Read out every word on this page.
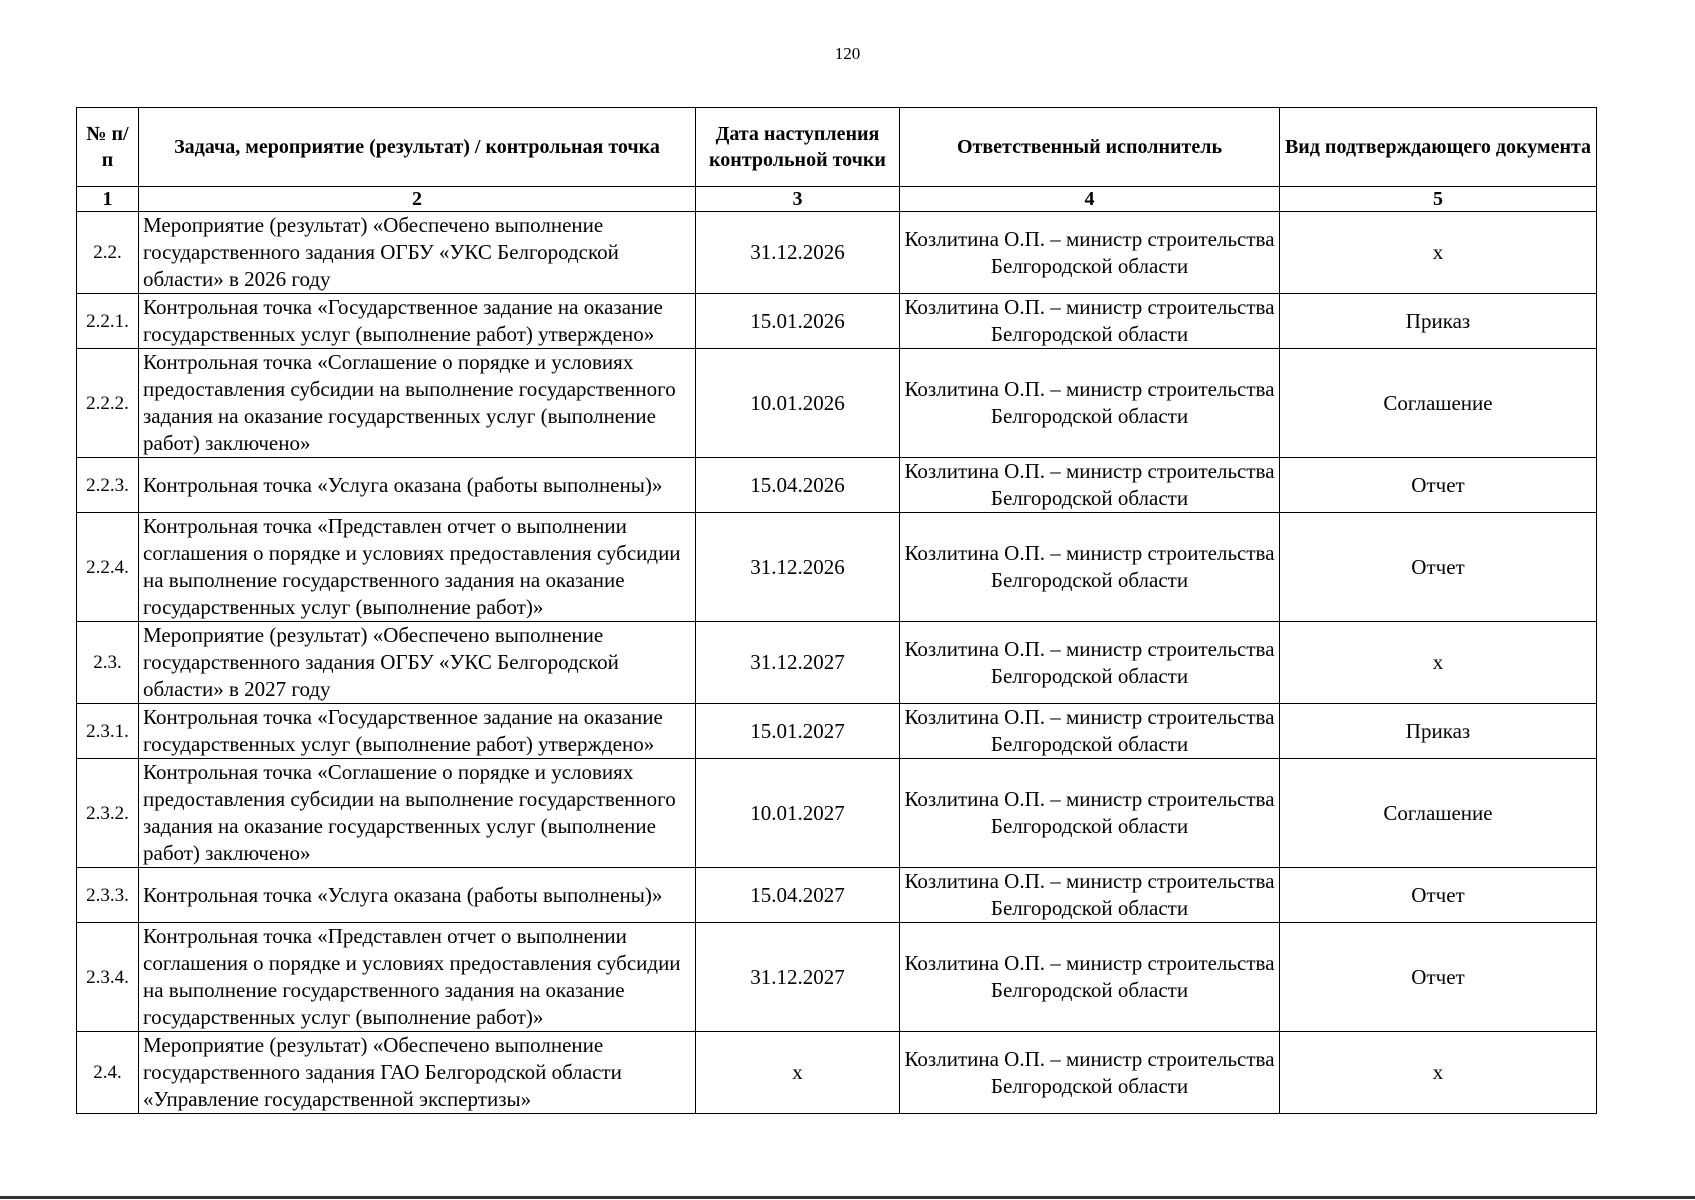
120
№ п/п	Задача, мероприятие (результат) / контрольная точка	Дата наступления контрольной точки	Ответственный исполнитель	Вид подтверждающего документа
1	2	3	4	5
2.2.	Мероприятие (результат) «Обеспечено выполнение государственного задания ОГБУ «УКС Белгородской области» в 2026 году	31.12.2026	Козлитина О.П. – министр строительства Белгородской области	х
2.2.1.	Контрольная точка «Государственное задание на оказание государственных услуг (выполнение работ) утверждено»	15.01.2026	Козлитина О.П. – министр строительства Белгородской области	Приказ
2.2.2.	Контрольная точка «Соглашение о порядке и условиях предоставления субсидии на выполнение государственного задания на оказание государственных услуг (выполнение работ) заключено»	10.01.2026	Козлитина О.П. – министр строительства Белгородской области	Соглашение
2.2.3.	Контрольная точка «Услуга оказана (работы выполнены)»	15.04.2026	Козлитина О.П. – министр строительства Белгородской области	Отчет
2.2.4.	Контрольная точка «Представлен отчет о выполнении соглашения о порядке и условиях предоставления субсидии на выполнение государственного задания на оказание государственных услуг (выполнение работ)»	31.12.2026	Козлитина О.П. – министр строительства Белгородской области	Отчет
2.3.	Мероприятие (результат) «Обеспечено выполнение государственного задания ОГБУ «УКС Белгородской области» в 2027 году	31.12.2027	Козлитина О.П. – министр строительства Белгородской области	х
2.3.1.	Контрольная точка «Государственное задание на оказание государственных услуг (выполнение работ) утверждено»	15.01.2027	Козлитина О.П. – министр строительства Белгородской области	Приказ
2.3.2.	Контрольная точка «Соглашение о порядке и условиях предоставления субсидии на выполнение государственного задания на оказание государственных услуг (выполнение работ) заключено»	10.01.2027	Козлитина О.П. – министр строительства Белгородской области	Соглашение
2.3.3.	Контрольная точка «Услуга оказана (работы выполнены)»	15.04.2027	Козлитина О.П. – министр строительства Белгородской области	Отчет
2.3.4.	Контрольная точка «Представлен отчет о выполнении соглашения о порядке и условиях предоставления субсидии на выполнение государственного задания на оказание государственных услуг (выполнение работ)»	31.12.2027	Козлитина О.П. – министр строительства Белгородской области	Отчет
2.4.	Мероприятие (результат) «Обеспечено выполнение государственного задания ГАО Белгородской области «Управление государственной экспертизы»	х	Козлитина О.П. – министр строительства Белгородской области	х
